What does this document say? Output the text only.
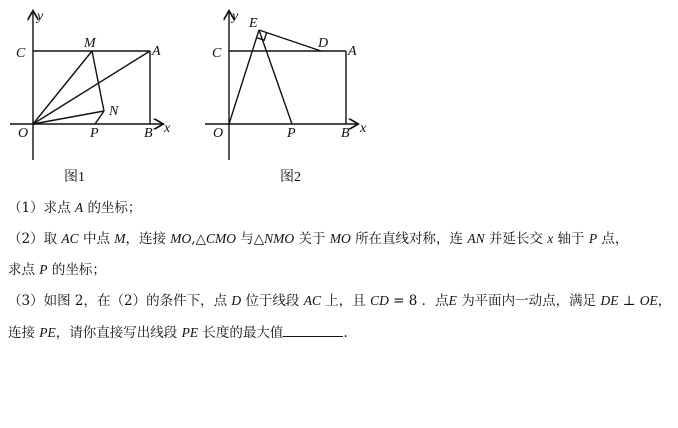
y
x
C
M
A
N
O	P	B
图1
y
x
E
D
C	A
O	P	B
图2
（1）求点 A 的坐标；
（2）取 AC 中点 M，连接 MO,△CMO 与△NMO 关于 MO 所在直线对称，连 AN 并延长交 x 轴于 P 点，
求点 P 的坐标；
（3）如图 2，在（2）的条件下，点 D 位于线段 AC 上，且 CD = 8 ．点E 为平面内一动点，满足 DE ⊥ OE，
连接 PE，请你直接写出线段 PE 长度的最大值	.
